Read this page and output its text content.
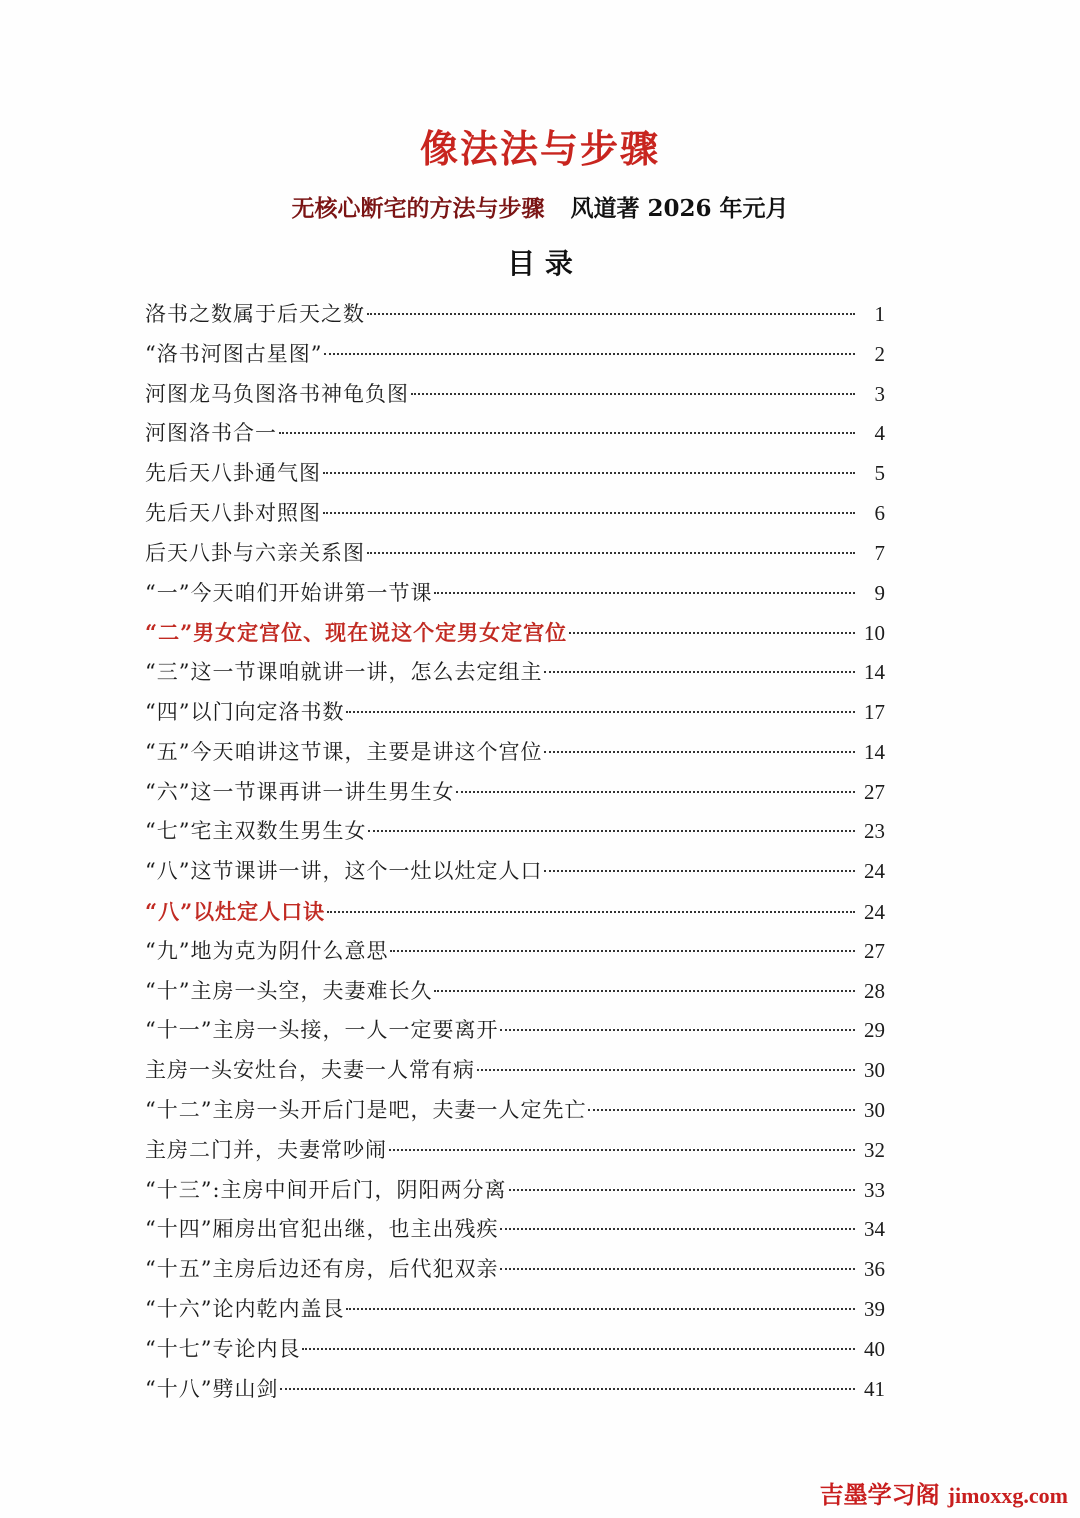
像法法与步骤
无核心断宅的方法与步骤 风道著 2026 年元月
目 录
洛书之数属于后天之数	1
“洛书河图古星图”	2
河图龙马负图洛书神龟负图	3
河图洛书合一	4
先后天八卦通气图	5
先后天八卦对照图	6
后天八卦与六亲关系图	7
“一”今天咱们开始讲第一节课	9
“二”男女定宫位、现在说这个定男女定宫位	10
“三”这一节课咱就讲一讲，怎么去定组主	14
“四”以门向定洛书数	17
“五”今天咱讲这节课，主要是讲这个宫位	14
“六”这一节课再讲一讲生男生女	27
“七”宅主双数生男生女	23
“八”这节课讲一讲，这个一灶以灶定人口	24
“八”以灶定人口诀	24
“九”地为克为阴什么意思	27
“十”主房一头空，夫妻难长久	28
“十一”主房一头接，一人一定要离开	29
主房一头安灶台，夫妻一人常有病	30
“十二”主房一头开后门是吧，夫妻一人定先亡	30
主房二门并，夫妻常吵闹	32
“十三”:主房中间开后门，阴阳两分离	33
“十四”厢房出官犯出继，也主出残疾	34
“十五”主房后边还有房，后代犯双亲	36
“十六”论内乾内盖艮	39
“十七”专论内艮	40
“十八”劈山剑	41
吉墨学习阁 jimoxxg.com
